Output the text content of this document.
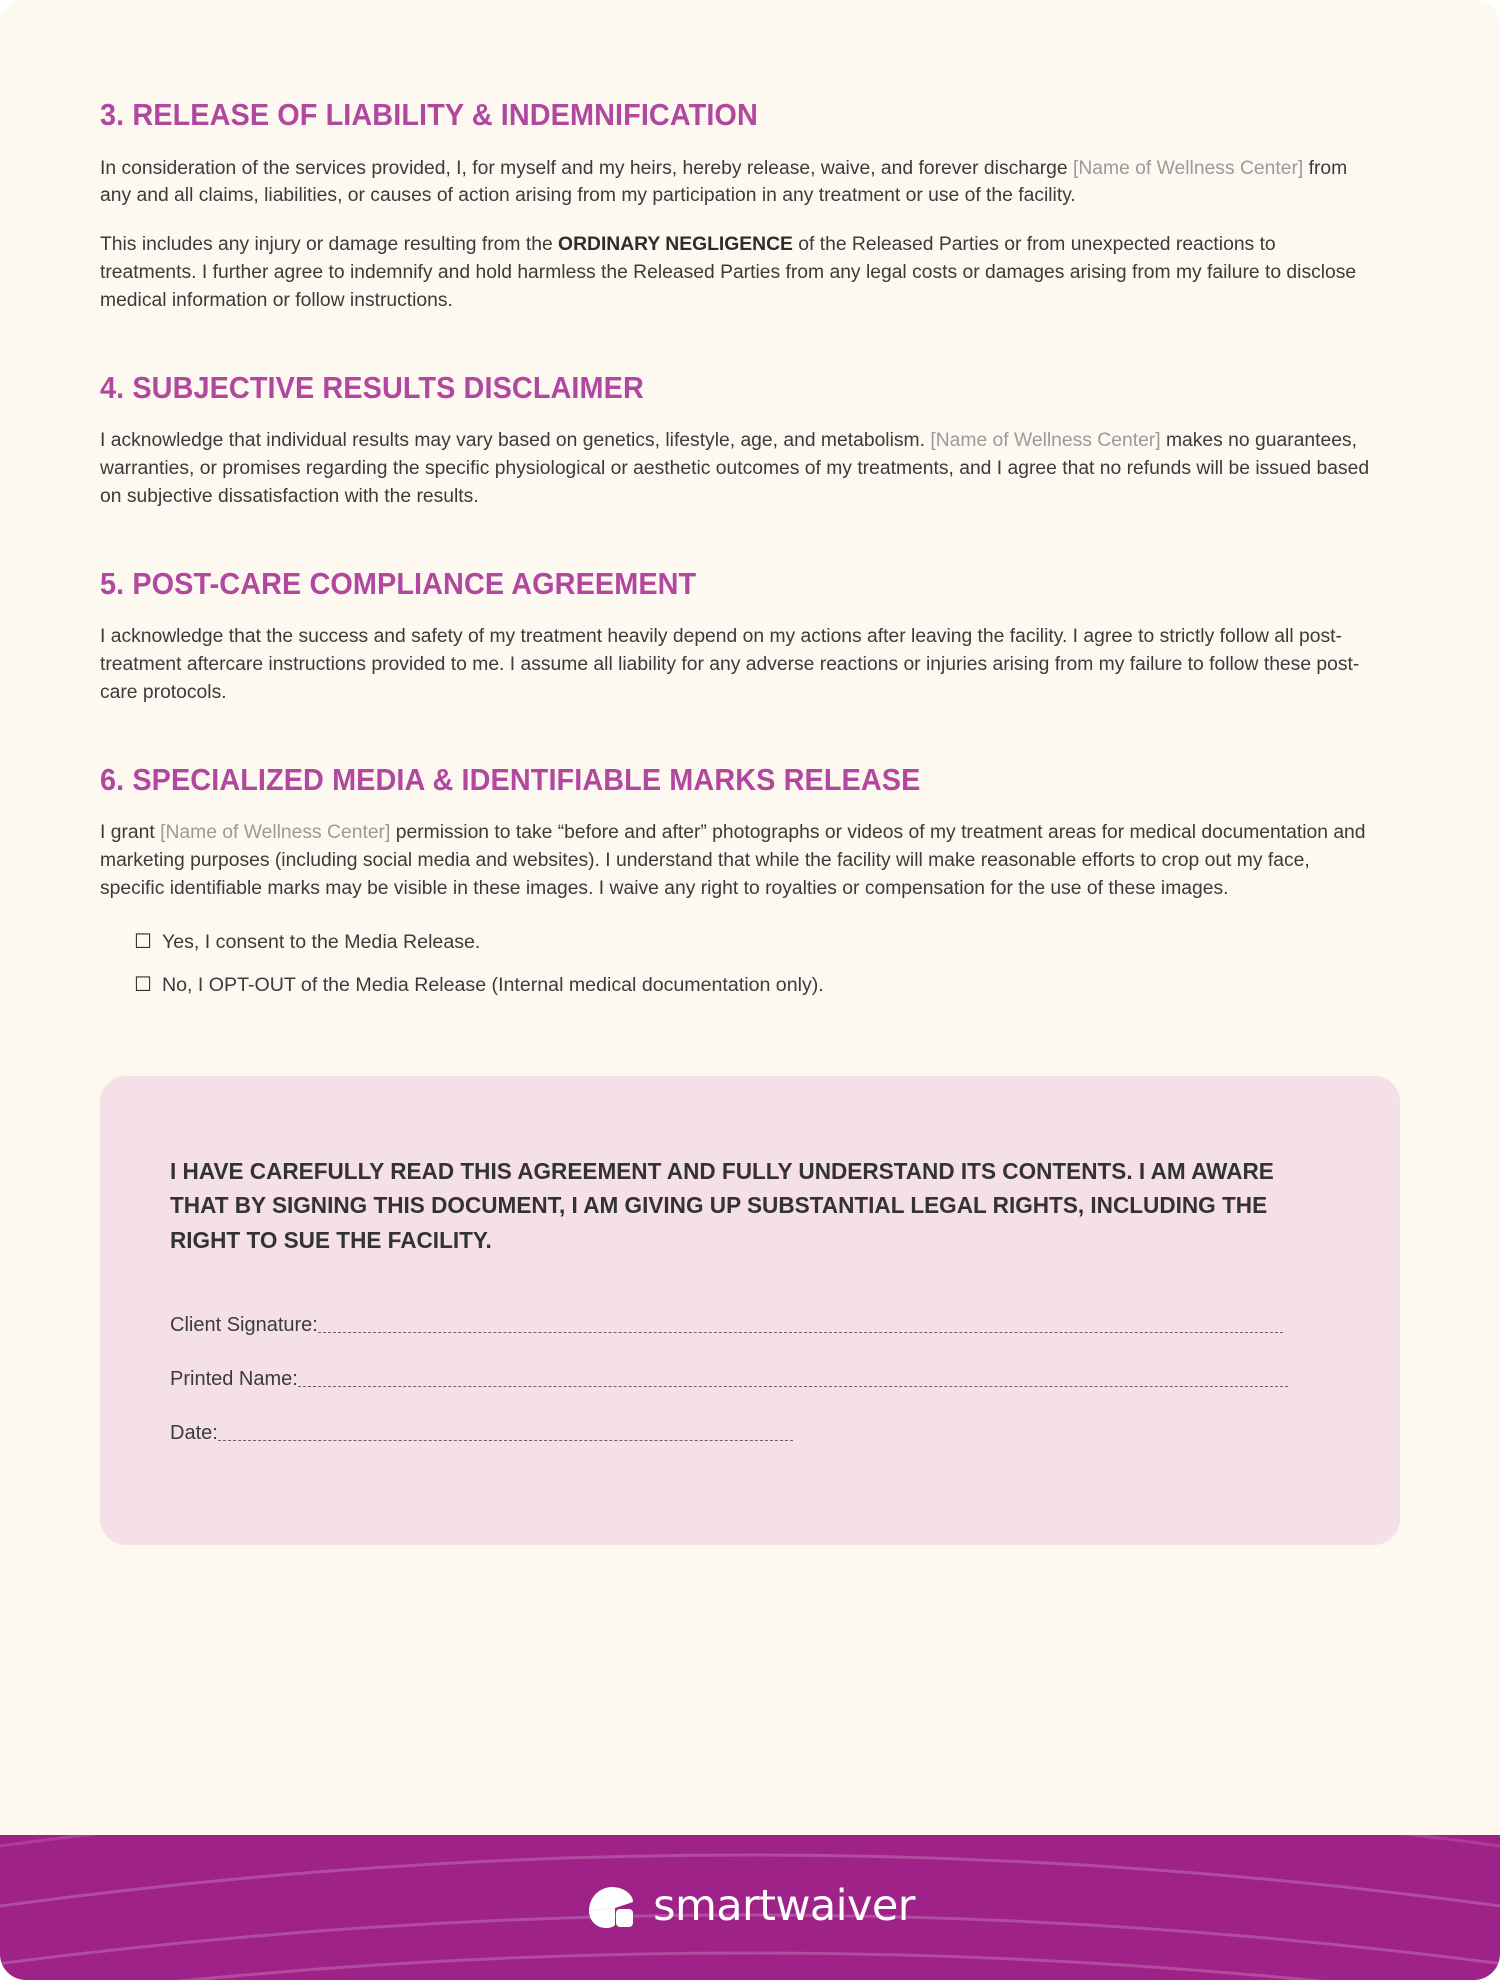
3. RELEASE OF LIABILITY & INDEMNIFICATION

In consideration of the services provided, I, for myself and my heirs, hereby release, waive, and forever discharge [Name of Wellness Center] from any and all claims, liabilities, or causes of action arising from my participation in any treatment or use of the facility.

This includes any injury or damage resulting from the ORDINARY NEGLIGENCE of the Released Parties or from unexpected reactions to treatments. I further agree to indemnify and hold harmless the Released Parties from any legal costs or damages arising from my failure to disclose medical information or follow instructions.

4. SUBJECTIVE RESULTS DISCLAIMER

I acknowledge that individual results may vary based on genetics, lifestyle, age, and metabolism. [Name of Wellness Center] makes no guarantees, warranties, or promises regarding the specific physiological or aesthetic outcomes of my treatments, and I agree that no refunds will be issued based on subjective dissatisfaction with the results.

5. POST-CARE COMPLIANCE AGREEMENT

I acknowledge that the success and safety of my treatment heavily depend on my actions after leaving the facility. I agree to strictly follow all post-treatment aftercare instructions provided to me. I assume all liability for any adverse reactions or injuries arising from my failure to follow these post-care protocols.

6. SPECIALIZED MEDIA & IDENTIFIABLE MARKS RELEASE

I grant [Name of Wellness Center] permission to take “before and after” photographs or videos of my treatment areas for medical documentation and marketing purposes (including social media and websites). I understand that while the facility will make reasonable efforts to crop out my face, specific identifiable marks may be visible in these images. I waive any right to royalties or compensation for the use of these images.

☐ Yes, I consent to the Media Release.
☐ No, I OPT-OUT of the Media Release (Internal medical documentation only).

I HAVE CAREFULLY READ THIS AGREEMENT AND FULLY UNDERSTAND ITS CONTENTS. I AM AWARE THAT BY SIGNING THIS DOCUMENT, I AM GIVING UP SUBSTANTIAL LEGAL RIGHTS, INCLUDING THE RIGHT TO SUE THE FACILITY.

Client Signature:
Printed Name:
Date:
smartwaiver
